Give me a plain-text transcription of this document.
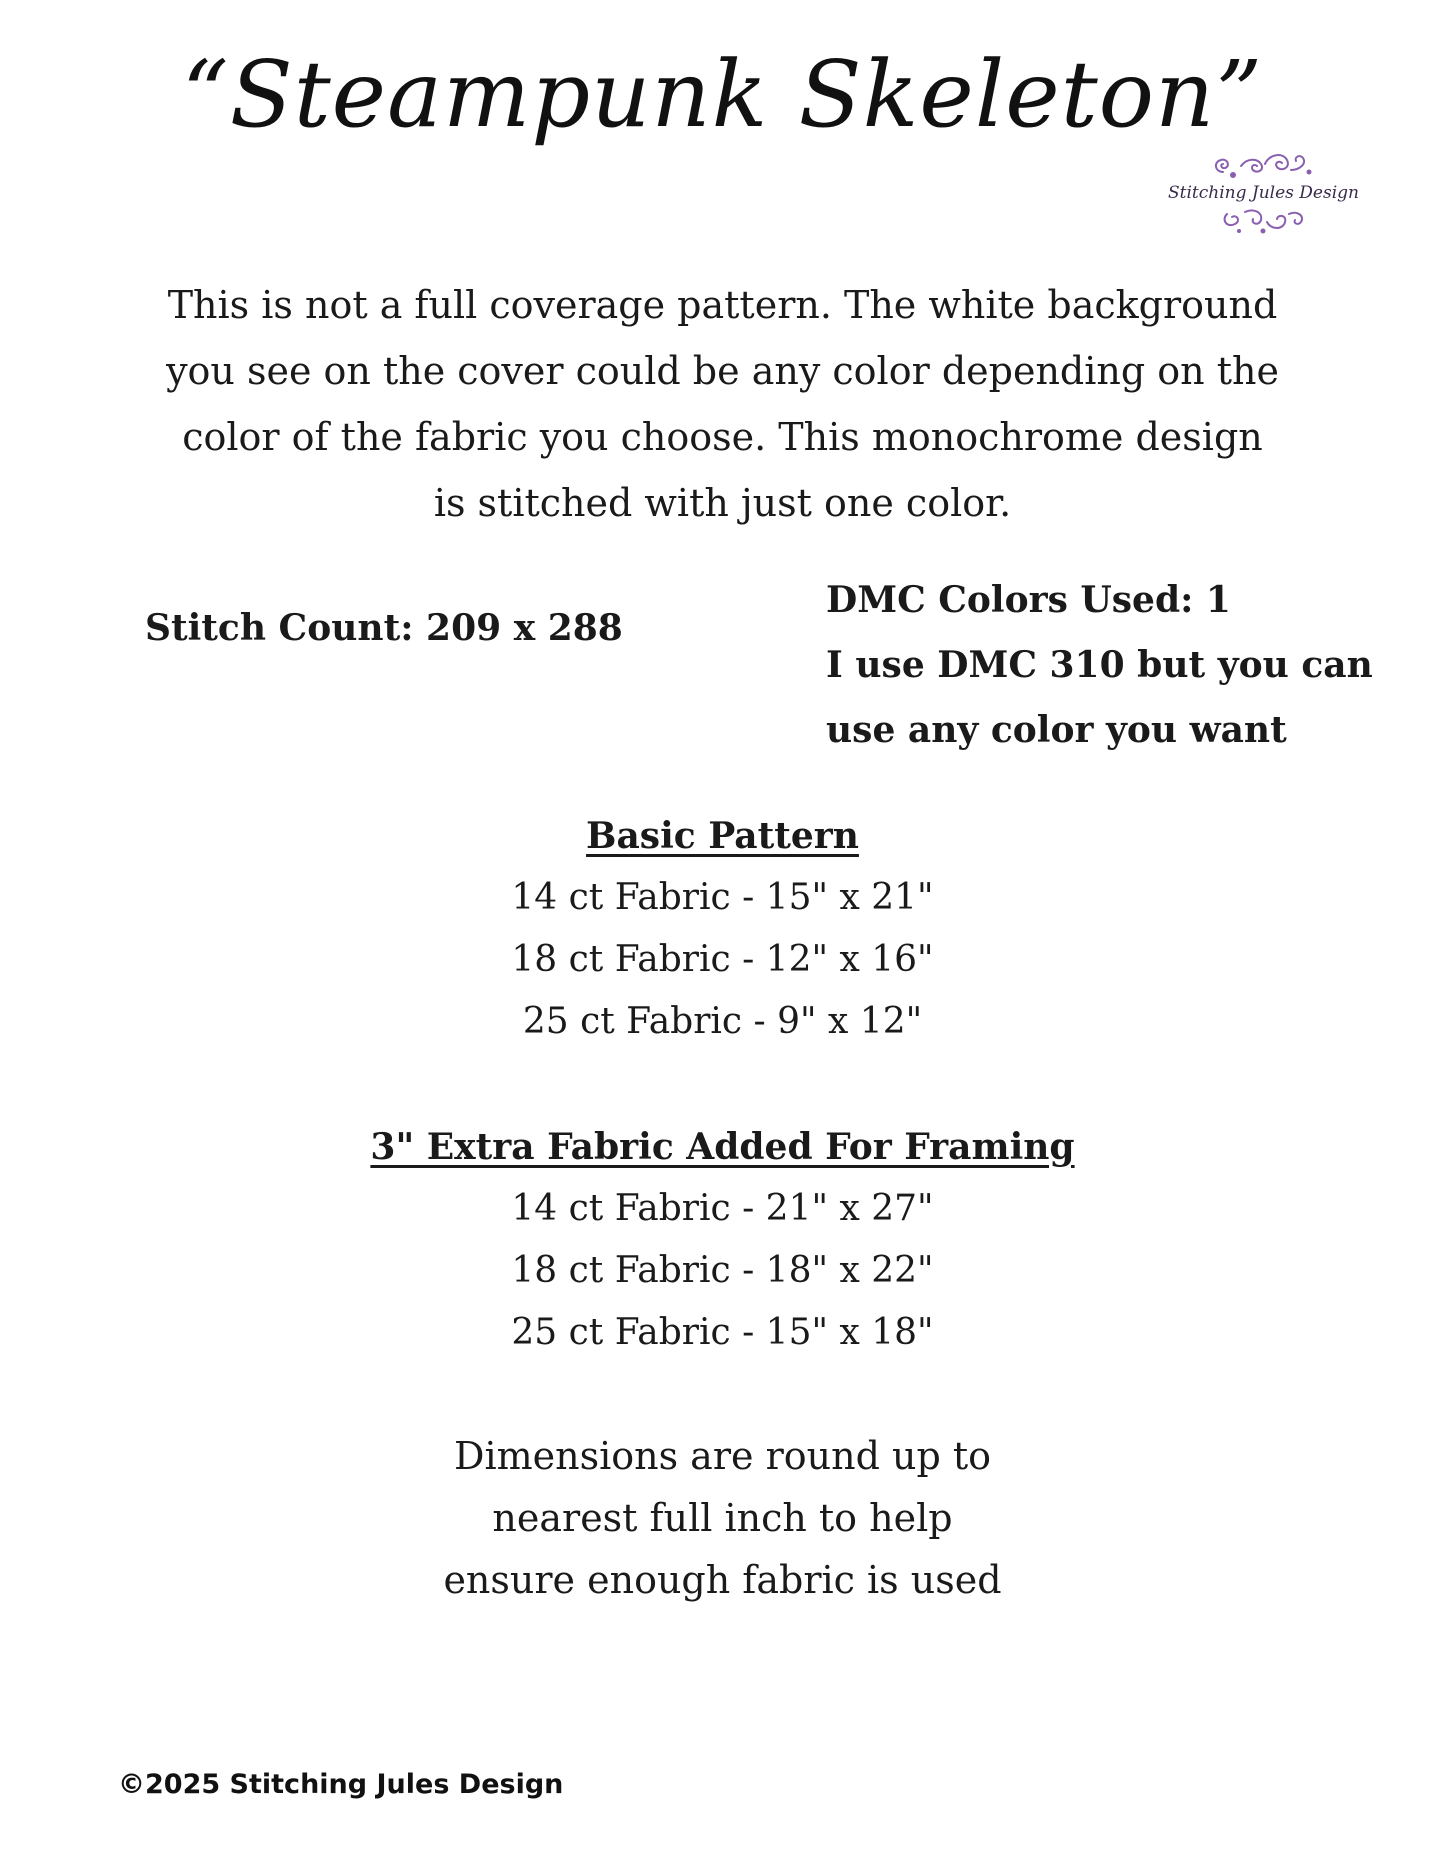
“Steampunk Skeleton”
Stitching Jules Design
This is not a full coverage pattern. The white background
you see on the cover could be any color depending on the
color of the fabric you choose. This monochrome design
is stitched with just one color.
Stitch Count: 209 x 288
DMC Colors Used: 1
I use DMC 310 but you can
use any color you want
Basic Pattern
14 ct Fabric - 15" x 21"
18 ct Fabric - 12" x 16"
25 ct Fabric - 9" x 12"
3" Extra Fabric Added For Framing
14 ct Fabric - 21" x 27"
18 ct Fabric - 18" x 22"
25 ct Fabric - 15" x 18"
Dimensions are round up to
nearest full inch to help
ensure enough fabric is used
©2025 Stitching Jules Design
